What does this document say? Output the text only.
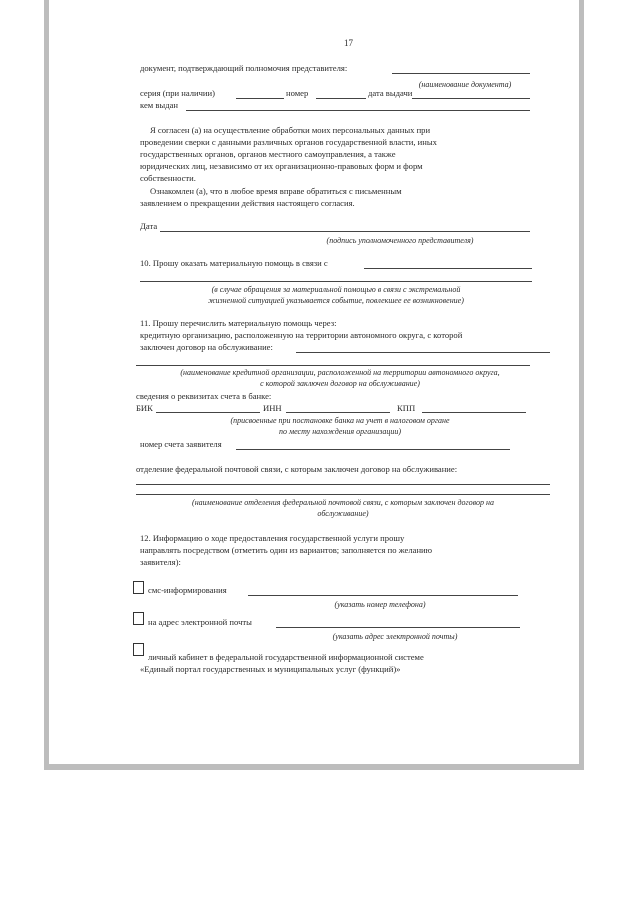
17
документ, подтверждающий полномочия представителя:
(наименование документа)
серия (при наличии)	номер	дата выдачи
кем выдан
Я согласен (а) на осуществление обработки моих персональных данных при
проведении сверки с данными различных органов государственной власти, иных
государственных органов, органов местного самоуправления, а также
юридических лиц, независимо от их организационно-правовых форм и форм
собственности.
Ознакомлен (а), что в любое время вправе обратиться с письменным
заявлением о прекращении действия настоящего согласия.
Дата
(подпись уполномоченного представителя)
10. Прошу оказать материальную помощь в связи с
(в случае обращения за материальной помощью в связи с экстремальной
жизненной ситуацией указывается событие, повлекшее ее возникновение)
11. Прошу перечислить материальную помощь через:
кредитную организацию, расположенную на территории автономного округа, с которой
заключен договор на обслуживание:
(наименование кредитной организации, расположенной на территории автономного округа,
с которой заключен договор на обслуживание)
сведения о реквизитах счета в банке:
БИК	ИНН	КПП
(присвоенные при постановке банка на учет в налоговом органе
по месту нахождения организации)
номер счета заявителя
отделение федеральной почтовой связи, с которым заключен договор на обслуживание:
(наименование отделения федеральной почтовой связи, с которым заключен договор на
обслуживание)
12. Информацию о ходе предоставления государственной услуги прошу
направлять посредством (отметить один из вариантов; заполняется по желанию
заявителя):
смс-информирования
(указать номер телефона)
на адрес электронной почты
(указать адрес электронной почты)
личный кабинет в федеральной государственной информационной системе
«Единый портал государственных и муниципальных услуг (функций)»
